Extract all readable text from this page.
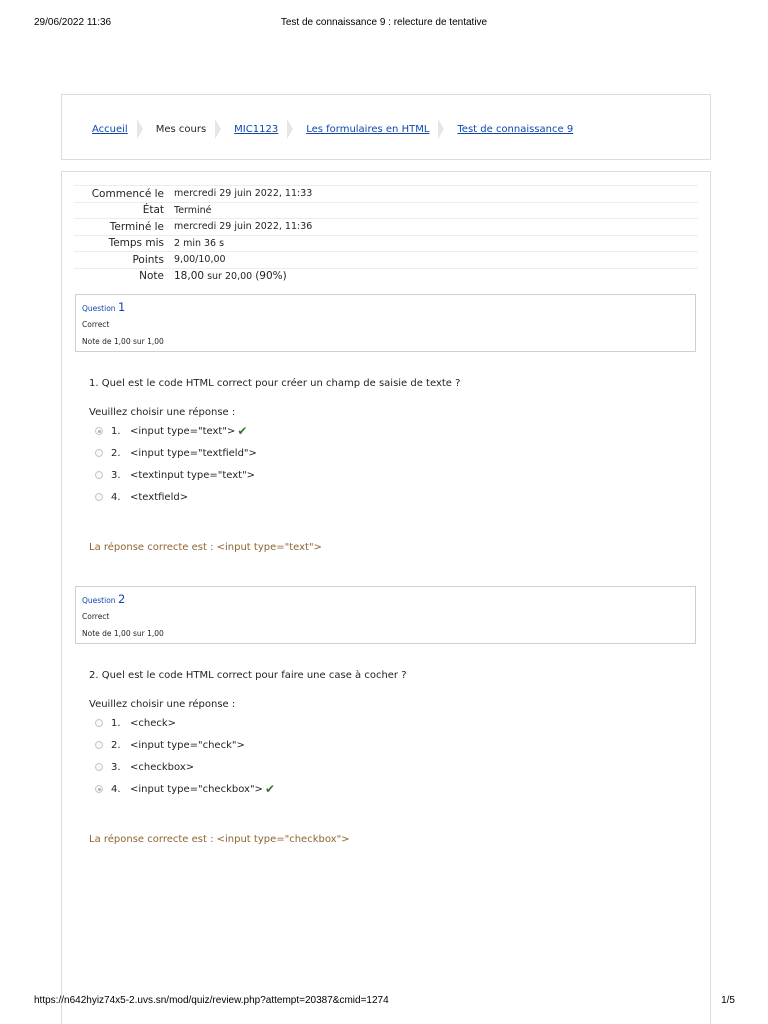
29/06/2022 11:36	Test de connaissance 9 : relecture de tentative
Accueil	Mes cours	MIC1123	Les formulaires en HTML	Test de connaissance 9
Commencé le	mercredi 29 juin 2022, 11:33
État	Terminé
Terminé le	mercredi 29 juin 2022, 11:36
Temps mis	2 min 36 s
Points	9,00/10,00
Note 18,00 sur 20,00 (90%)
Question 1
Correct
Note de 1,00 sur 1,00
1. Quel est le code HTML correct pour créer un champ de saisie de texte ?
Veuillez choisir une réponse :
1. <input type="text"> ✔
2. <input type="textfield">
3. <textinput type="text">
4. <textfield>
La réponse correcte est : <input type="text">
Question 2
Correct
Note de 1,00 sur 1,00
2. Quel est le code HTML correct pour faire une case à cocher ?
Veuillez choisir une réponse :
1. <check>
2. <input type="check">
3. <checkbox>
4. <input type="checkbox"> ✔
La réponse correcte est : <input type="checkbox">
https://n642hyiz74x5-2.uvs.sn/mod/quiz/review.php?attempt=20387&cmid=1274	1/5
